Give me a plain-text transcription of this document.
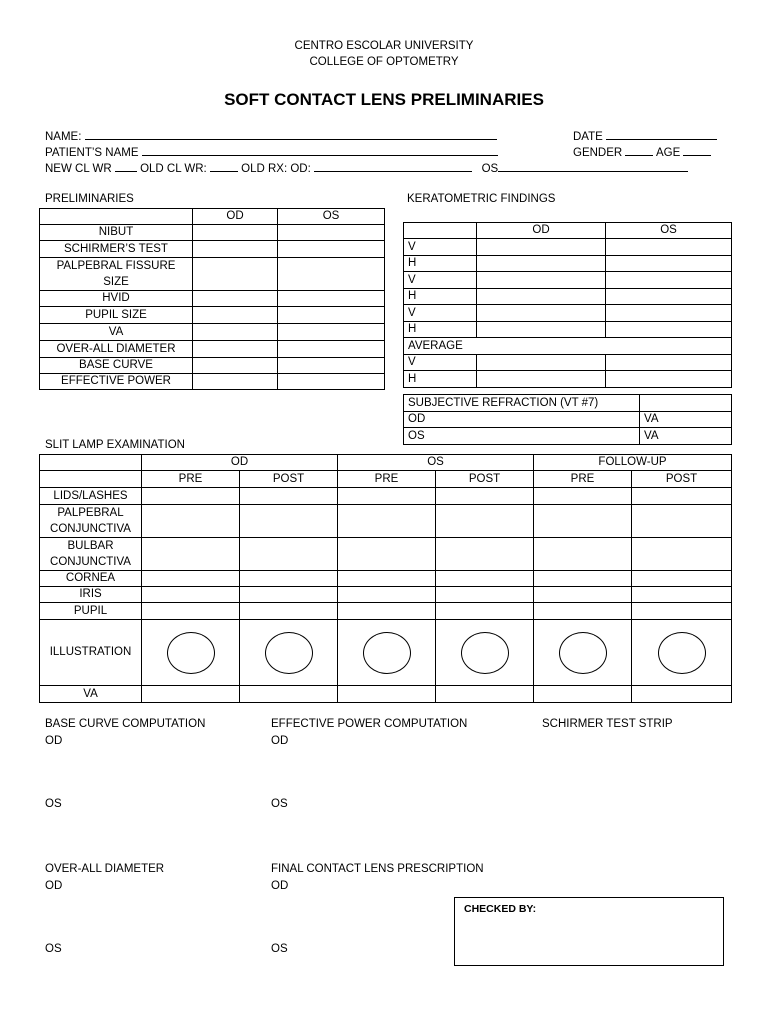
CENTRO ESCOLAR UNIVERSITY
COLLEGE OF OPTOMETRY
SOFT CONTACT LENS PRELIMINARIES
NAME:	DATE
PATIENT’S NAME	GENDER	AGE
NEW CL WR OLD CL WR:	OLD RX: OD:	OS
PRELIMINARIES
	OD	OS
NIBUT		
SCHIRMER’S TEST		

PALPEBRAL FISSURE
SIZE		

HVID		
PUPIL SIZE		
VA		
OVER-ALL DIAMETER		
BASE CURVE		
EFFECTIVE POWER		
KERATOMETRIC FINDINGS
	OD	OS
V		
H		
V		
H		
V		
H		
AVERAGE		
V		
H		
SUBJECTIVE REFRACTION (VT #7)	
OD	VA
OS	VA
SLIT LAMP EXAMINATION
	OD		OS		FOLLOW-UP	
	PRE	POST	PRE	POST	PRE	POST
LIDS/LASHES						

PALPEBRAL
CONJUNCTIVA						

BULBAR
CONJUNCTIVA						

CORNEA						
IRIS						
PUPIL						
ILLUSTRATION	

VA						
BASE CURVE COMPUTATION	EFFECTIVE POWER COMPUTATION	SCHIRMER TEST STRIP
OD	OD
OS	OS
OVER-ALL DIAMETER	FINAL CONTACT LENS PRESCRIPTION
OD	OD
OS	OS
CHECKED BY:
